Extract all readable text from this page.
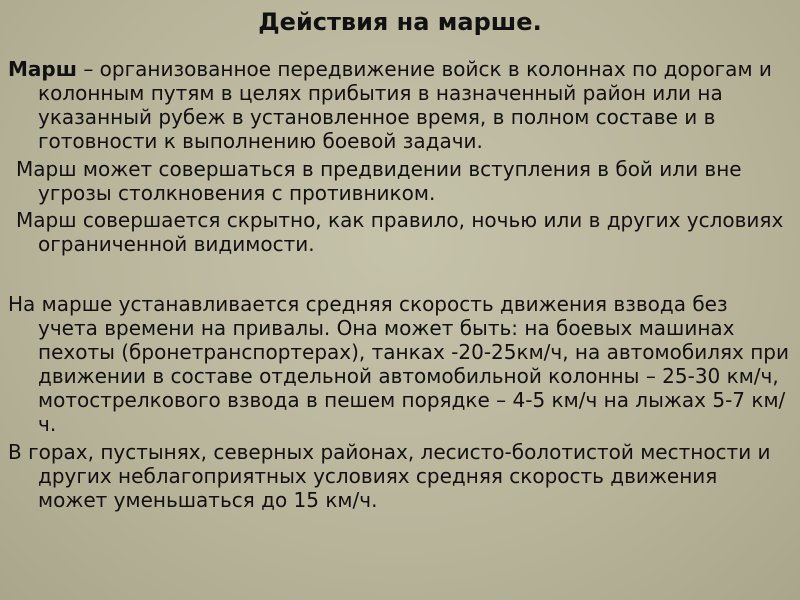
Действия на марше.

Марш – организованное передвижение войск в колоннах по дорогам и колонным путям в целях прибытия в назначенный район или на указанный рубеж в установленное время, в полном составе и в готовности к выполнению боевой задачи.

Марш может совершаться в предвидении вступления в бой или вне угрозы столкновения с противником.

Марш совершается скрытно, как правило, ночью или в других условиях ограниченной видимости.

На марше устанавливается средняя скорость движения взвода без учета времени на привалы. Она может быть: на боевых машинах пехоты (бронетранспортерах), танках -20-25км/ч, на автомобилях при движении в составе отдельной автомобильной колонны – 25-30 км/ч, мотострелкового взвода в пешем порядке – 4-5 км/ч на лыжах 5-7 км/ч.

В горах, пустынях, северных районах, лесисто-болотистой местности и других неблагоприятных условиях средняя скорость движения может уменьшаться до 15 км/ч.
